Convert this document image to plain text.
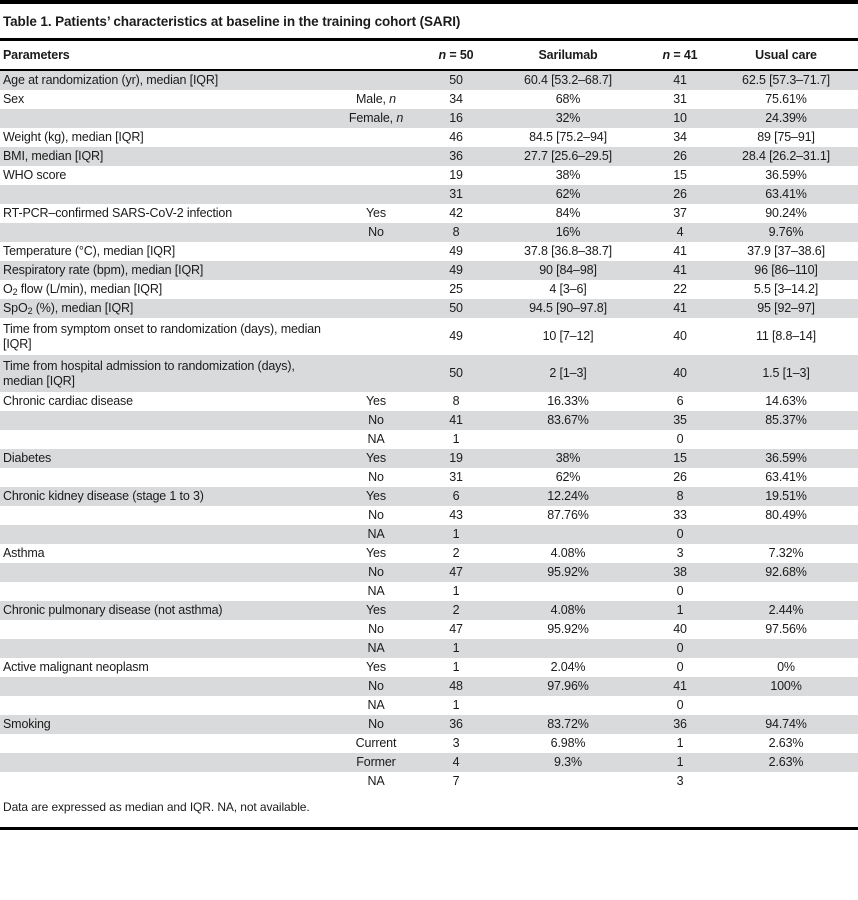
Table 1. Patients’ characteristics at baseline in the training cohort (SARI)
Parameters		n = 50	Sarilumab	n = 41	Usual care
Age at randomization (yr), median [IQR]		50	60.4 [53.2–68.7]	41	62.5 [57.3–71.7]
Sex	Male, n	34	68%	31	75.61%
	Female, n	16	32%	10	24.39%
Weight (kg), median [IQR]		46	84.5 [75.2–94]	34	89 [75–91]
BMI, median [IQR]		36	27.7 [25.6–29.5]	26	28.4 [26.2–31.1]
WHO score		19	38%	15	36.59%
		31	62%	26	63.41%
RT-PCR–confirmed SARS-CoV-2 infection	Yes	42	84%	37	90.24%
	No	8	16%	4	9.76%
Temperature (°C), median [IQR]		49	37.8 [36.8–38.7]	41	37.9 [37–38.6]
Respiratory rate (bpm), median [IQR]		49	90 [84–98]	41	96 [86–110]
$O_2$ flow (L/min), median [IQR]		25	4 [3–6]	22	5.5 [3–14.2]
SpO$_2$ (%), median [IQR]		50	94.5 [90–97.8]	41	95 [92–97]
Time from symptom onset to randomization (days), median [IQR]		49	10 [7–12]	40	11 [8.8–14]
Time from hospital admission to randomization (days), median [IQR]		50	2 [1–3]	40	1.5 [1–3]
Chronic cardiac disease	Yes	8	16.33%	6	14.63%
	No	41	83.67%	35	85.37%
	NA	1		0	
Diabetes	Yes	19	38%	15	36.59%
	No	31	62%	26	63.41%
Chronic kidney disease (stage 1 to 3)	Yes	6	12.24%	8	19.51%
	No	43	87.76%	33	80.49%
	NA	1		0	
Asthma	Yes	2	4.08%	3	7.32%
	No	47	95.92%	38	92.68%
	NA	1		0	
Chronic pulmonary disease (not asthma)	Yes	2	4.08%	1	2.44%
	No	47	95.92%	40	97.56%
	NA	1		0	
Active malignant neoplasm	Yes	1	2.04%	0	0%
	No	48	97.96%	41	100%
	NA	1		0	
Smoking	No	36	83.72%	36	94.74%
	Current	3	6.98%	1	2.63%
	Former	4	9.3%	1	2.63%
	NA	7		3	
Data are expressed as median and IQR. NA, not available.
